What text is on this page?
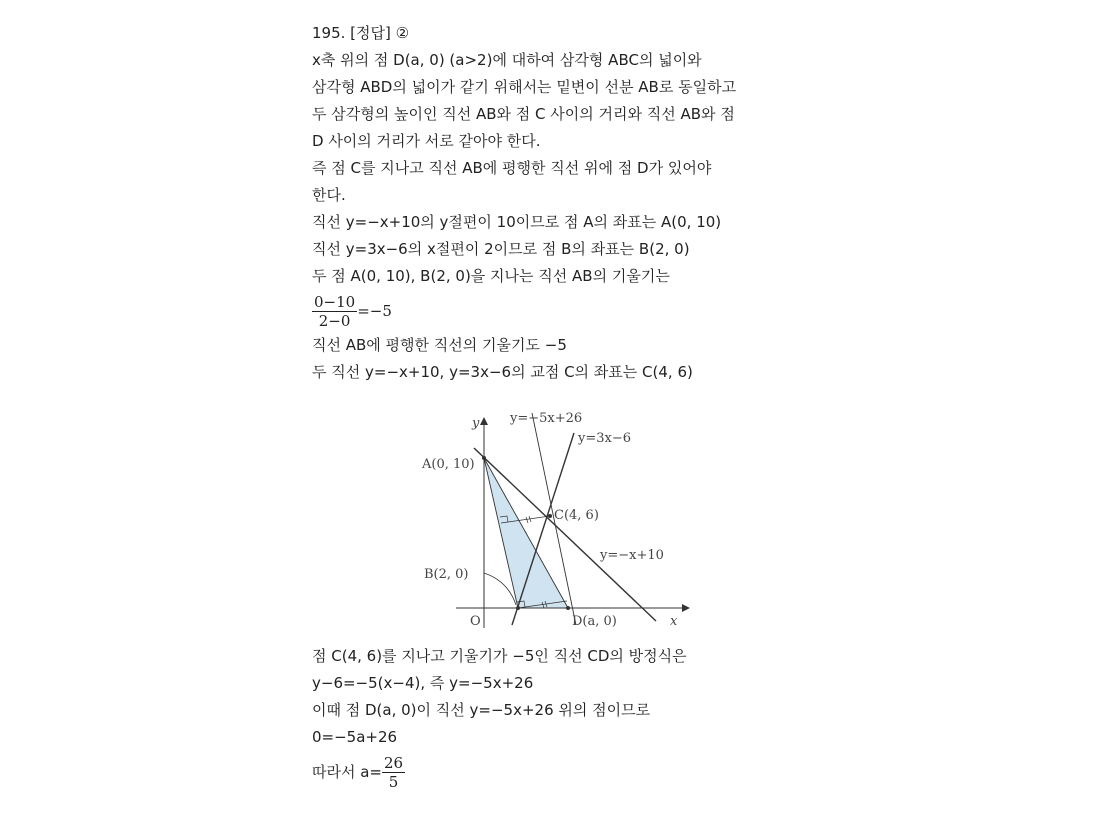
195. [정답] ②
x축 위의 점 D(a, 0) (a>2)에 대하여 삼각형 ABC의 넓이와
삼각형 ABD의 넓이가 같기 위해서는 밑변이 선분 AB로 동일하고
두 삼각형의 높이인 직선 AB와 점 C 사이의 거리와 직선 AB와 점
D 사이의 거리가 서로 같아야 한다.
즉 점 C를 지나고 직선 AB에 평행한 직선 위에 점 D가 있어야
한다.
직선 y=−x+10의 y절편이 10이므로 점 A의 좌표는 A(0, 10)
직선 y=3x−6의 x절편이 2이므로 점 B의 좌표는 B(2, 0)
두 점 A(0, 10), B(2, 0)을 지나는 직선 AB의 기울기는
$\frac{0-10}{2-0} =-5$
직선 AB에 평행한 직선의 기울기도 −5
두 직선 y=−x+10, y=3x−6의 교점 C의 좌표는 C(4, 6)
y=−5x+26
y=3x−6
y=−x+10
A(0, 10)
C(4, 6)
B(2, 0)
D(a, 0)
O
y
x
점 C(4, 6)를 지나고 기울기가 −5인 직선 CD의 방정식은
y−6=−5(x−4), 즉 y=−5x+26
이때 점 D(a, 0)이 직선 y=−5x+26 위의 점이므로
0=−5a+26
따라서 $a= \frac{26}{5}$
